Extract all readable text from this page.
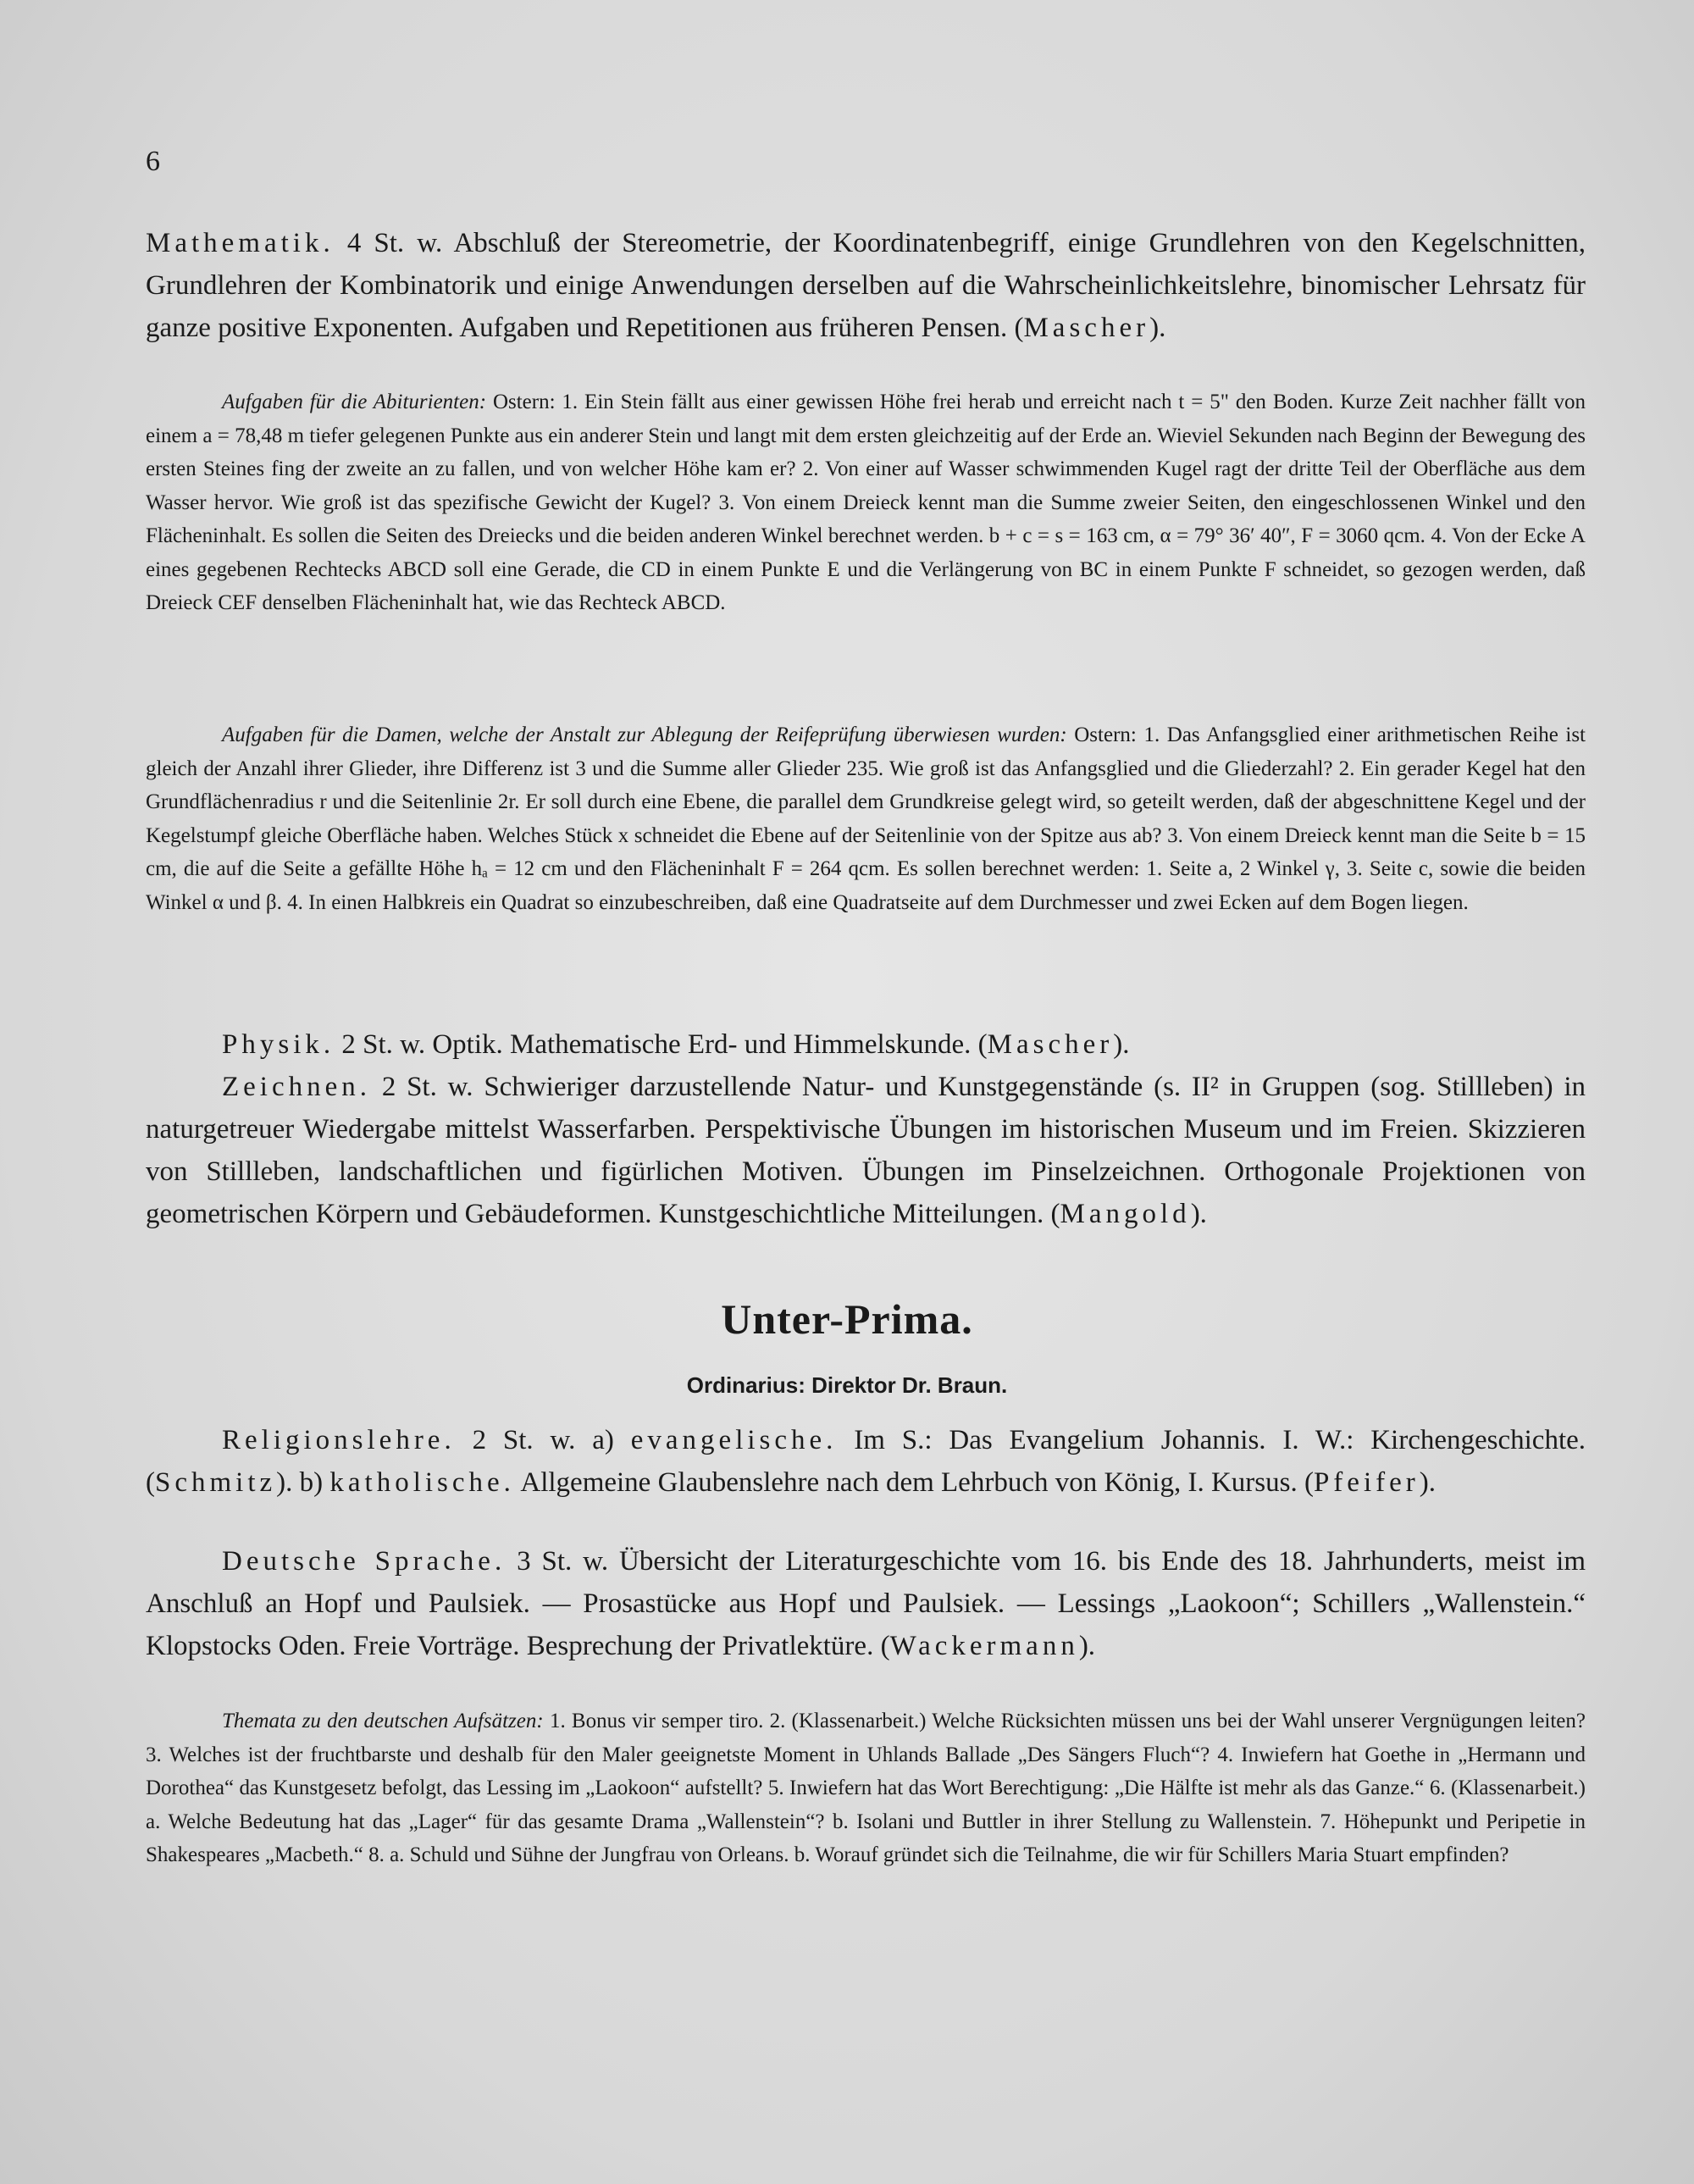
6

Mathematik. 4 St. w. Abschluß der Stereometrie, der Koordinatenbegriff, einige Grundlehren von den Kegelschnitten, Grundlehren der Kombinatorik und einige Anwendungen derselben auf die Wahrscheinlichkeitslehre, binomischer Lehrsatz für ganze positive Exponenten. Aufgaben und Repetitionen aus früheren Pensen. (Mascher).

Aufgaben für die Abiturienten: Ostern: 1. Ein Stein fällt aus einer gewissen Höhe frei herab und erreicht nach t = 5" den Boden. Kurze Zeit nachher fällt von einem a = 78,48 m tiefer gelegenen Punkte aus ein anderer Stein und langt mit dem ersten gleichzeitig auf der Erde an. Wieviel Sekunden nach Beginn der Bewegung des ersten Steines fing der zweite an zu fallen, und von welcher Höhe kam er? 2. Von einer auf Wasser schwimmenden Kugel ragt der dritte Teil der Oberfläche aus dem Wasser hervor. Wie groß ist das spezifische Gewicht der Kugel? 3. Von einem Dreieck kennt man die Summe zweier Seiten, den eingeschlossenen Winkel und den Flächeninhalt. Es sollen die Seiten des Dreiecks und die beiden anderen Winkel berechnet werden. b + c = s = 163 cm, α = 79° 36′ 40″, F = 3060 qcm. 4. Von der Ecke A eines gegebenen Rechtecks ABCD soll eine Gerade, die CD in einem Punkte E und die Verlängerung von BC in einem Punkte F schneidet, so gezogen werden, daß Dreieck CEF denselben Flächeninhalt hat, wie das Rechteck ABCD.

Aufgaben für die Damen, welche der Anstalt zur Ablegung der Reifeprüfung überwiesen wurden: Ostern: 1. Das Anfangsglied einer arithmetischen Reihe ist gleich der Anzahl ihrer Glieder, ihre Differenz ist 3 und die Summe aller Glieder 235. Wie groß ist das Anfangsglied und die Gliederzahl? 2. Ein gerader Kegel hat den Grundflächenradius r und die Seitenlinie 2r. Er soll durch eine Ebene, die parallel dem Grundkreise gelegt wird, so geteilt werden, daß der abgeschnittene Kegel und der Kegelstumpf gleiche Oberfläche haben. Welches Stück x schneidet die Ebene auf der Seitenlinie von der Spitze aus ab? 3. Von einem Dreieck kennt man die Seite b = 15 cm, die auf die Seite a gefällte Höhe hₐ = 12 cm und den Flächeninhalt F = 264 qcm. Es sollen berechnet werden: 1. Seite a, 2 Winkel γ, 3. Seite c, sowie die beiden Winkel α und β. 4. In einen Halbkreis ein Quadrat so einzubeschreiben, daß eine Quadratseite auf dem Durchmesser und zwei Ecken auf dem Bogen liegen.

Physik. 2 St. w. Optik. Mathematische Erd- und Himmelskunde. (Mascher).

Zeichnen. 2 St. w. Schwieriger darzustellende Natur- und Kunstgegenstände (s. II² in Gruppen (sog. Stillleben) in naturgetreuer Wiedergabe mittelst Wasserfarben. Perspektivische Übungen im historischen Museum und im Freien. Skizzieren von Stillleben, landschaftlichen und figürlichen Motiven. Übungen im Pinselzeichnen. Orthogonale Projektionen von geometrischen Körpern und Gebäudeformen. Kunstgeschichtliche Mitteilungen. (Mangold).

Unter-Prima.
Ordinarius: Direktor Dr. Braun.

Religionslehre. 2 St. w. a) evangelische. Im S.: Das Evangelium Johannis. I. W.: Kirchengeschichte. (Schmitz). b) katholische. Allgemeine Glaubenslehre nach dem Lehrbuch von König, I. Kursus. (Pfeifer).

Deutsche Sprache. 3 St. w. Übersicht der Literaturgeschichte vom 16. bis Ende des 18. Jahrhunderts, meist im Anschluß an Hopf und Paulsiek. — Prosastücke aus Hopf und Paulsiek. — Lessings „Laokoon“; Schillers „Wallenstein.“ Klopstocks Oden. Freie Vorträge. Besprechung der Privatlektüre. (Wackermann).

Themata zu den deutschen Aufsätzen: 1. Bonus vir semper tiro. 2. (Klassenarbeit.) Welche Rücksichten müssen uns bei der Wahl unserer Vergnügungen leiten? 3. Welches ist der fruchtbarste und deshalb für den Maler geeignetste Moment in Uhlands Ballade „Des Sängers Fluch“? 4. Inwiefern hat Goethe in „Hermann und Dorothea“ das Kunstgesetz befolgt, das Lessing im „Laokoon“ aufstellt? 5. Inwiefern hat das Wort Berechtigung: „Die Hälfte ist mehr als das Ganze.“ 6. (Klassenarbeit.) a. Welche Bedeutung hat das „Lager“ für das gesamte Drama „Wallenstein“? b. Isolani und Buttler in ihrer Stellung zu Wallenstein. 7. Höhepunkt und Peripetie in Shakespeares „Macbeth.“ 8. a. Schuld und Sühne der Jungfrau von Orleans. b. Worauf gründet sich die Teilnahme, die wir für Schillers Maria Stuart empfinden?
